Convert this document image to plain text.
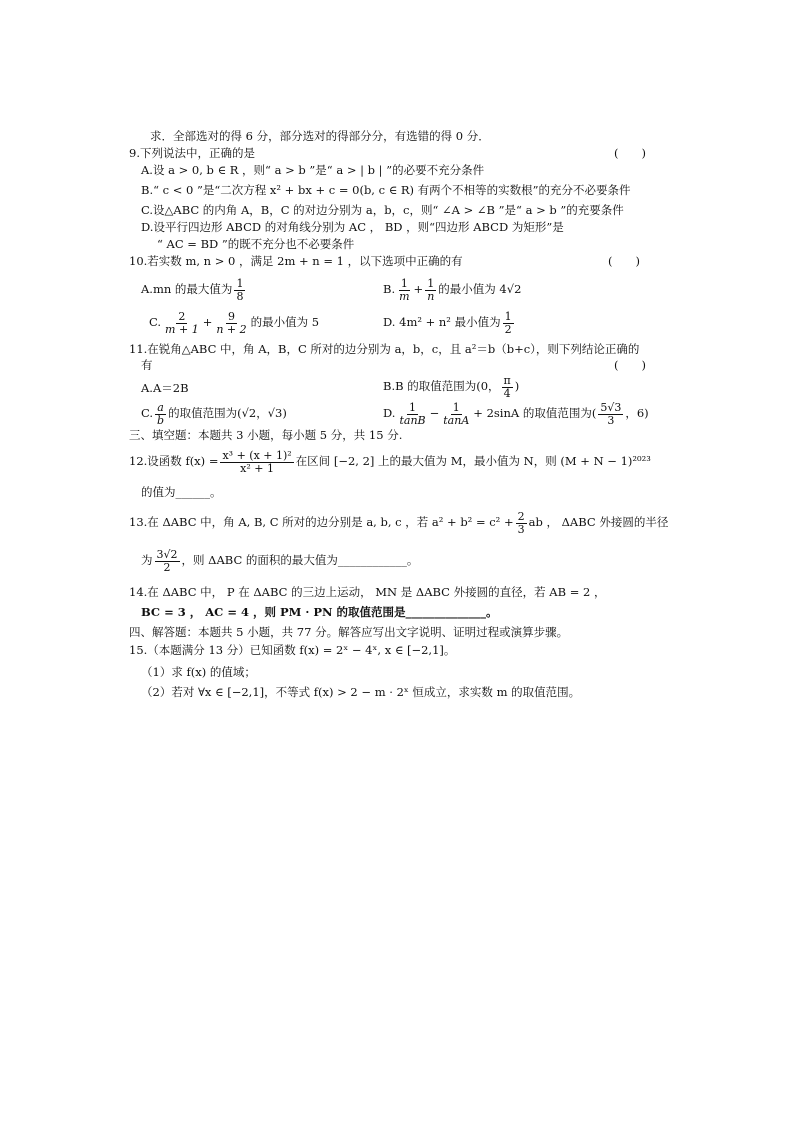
求．全部选对的得 6 分，部分选对的得部分分，有选错的得 0 分．
9.下列说法中，正确的是	(　　)
A.设 a > 0, b ∈ R ，则“ a > b ”是“ a > | b | ”的必要不充分条件
B.“ c < 0 ”是“二次方程 x² + bx + c = 0(b, c ∈ R) 有两个不相等的实数根”的充分不必要条件
C.设△ABC 的内角 A，B，C 的对边分别为 a，b，c，则“ ∠A > ∠B ”是“ a > b ”的充要条件
D.设平行四边形 ABCD 的对角线分别为 AC ， BD ，则“四边形 ABCD 为矩形”是
“ AC = BD ”的既不充分也不必要条件
10.若实数 m, n > 0 ，满足 2m + n = 1 ，以下选项中正确的有	(　　)
A.mn 的最大值为 $\frac{1}{8}$	B. $\frac{1}{m} + \frac{1}{n}$ 的最小值为 4√2
C. $\frac{2}{m + 1} + \frac{9}{n + 2}$ 的最小值为 5	D. 4m² + n² 最小值为 $\frac{1}{2}$
11.在锐角△ABC 中，角 A，B，C 所对的边分别为 a，b，c，且 a²＝b（b+c），则下列结论正确的
有	(　　)
A.A＝2B	B.B 的取值范围为(0， $\frac{\pi}{4}$ )
C. $\frac{a}{b}$ 的取值范围为(√2，√3)	D. $\frac{1}{\tan B} - \frac{1}{\tan A} + 2\sin A$ 的取值范围为( $\frac{5√3}{3}$ ，6)
三、填空题：本题共 3 小题，每小题 5 分，共 15 分.
12.设函数 $f(x) = \frac{\text{x³ + (x + 1)²}}{\text{x² + 1}}$ 在区间 [−2, 2] 上的最大值为 M，最小值为 N，则 (M + N − 1)²⁰²³
的值为______。
13.在 ΔABC 中，角 A, B, C 所对的边分别是 a, b, c ，若 $a^2 + b^2 = c^2 + \frac{2}{3}$ ab ， ΔABC 外接圆的半径
为 $\frac{3√2}{2}$ ，则 ΔABC 的面积的最大值为____________。
14.在 ΔABC 中， P 在 ΔABC 的三边上运动， MN 是 ΔABC 外接圆的直径，若 AB = 2 ，
BC = 3 ， AC = 4 ，则 PM · PN 的取值范围是______________。
四、解答题：本题共 5 小题，共 77 分。解答应写出文字说明、证明过程或演算步骤。
15.（本题满分 13 分）已知函数 f(x) = 2ˣ − 4ˣ, x ∈ [−2,1]。
（1）求 f(x) 的值域；
（2）若对 ∀x ∈ [−2,1]，不等式 f(x) > 2 − m · 2ˣ 恒成立，求实数 m 的取值范围。
